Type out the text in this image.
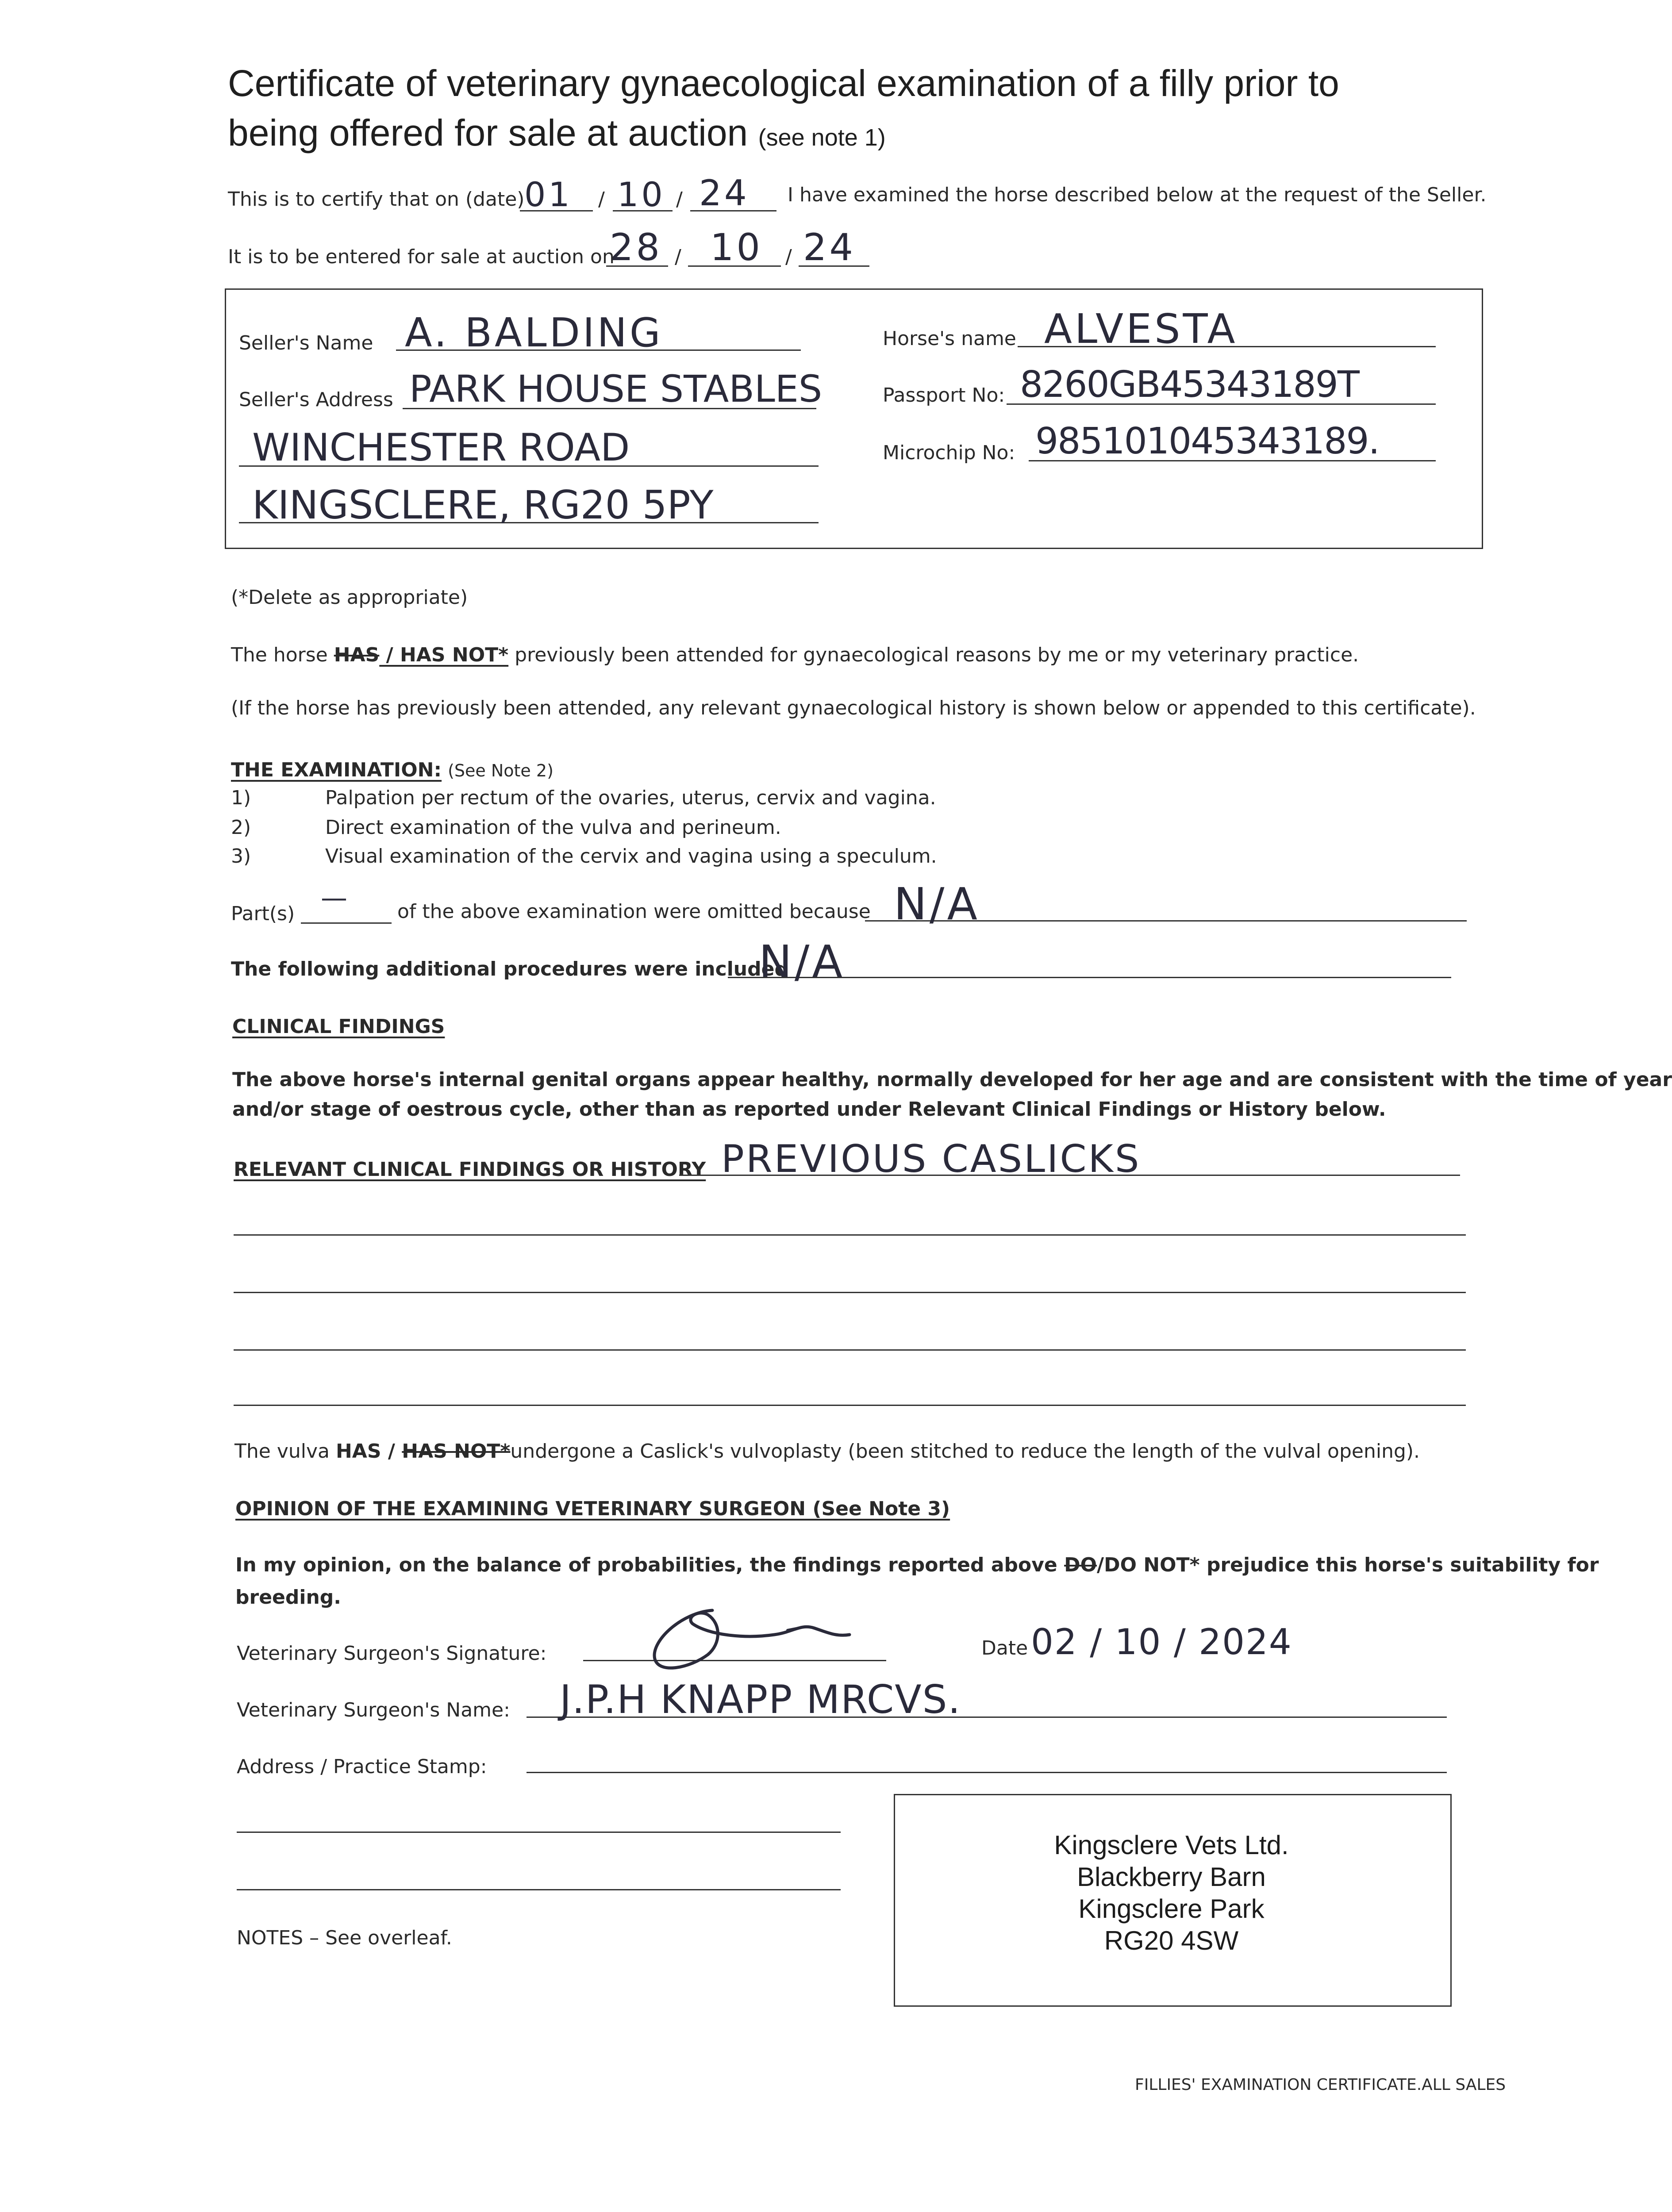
Certificate of veterinary gynaecological examination of a filly prior to
being offered for sale at auction (see note 1)
This is to certify that on (date) 01 / 10 / 24 I have examined the horse described below at the request of the Seller.
It is to be entered for sale at auction on
28 / 10 / 24
Seller's Name A. BALDING
Seller's Address PARK HOUSE STABLES
WINCHESTER ROAD
KINGSCLERE, RG20 5PY
Horse's name ALVESTA
Passport No: 8260GB45343189T
Microchip No: 985101045343189.
(*Delete as appropriate)
The horse HAS / HAS NOT* previously been attended for gynaecological reasons by me or my veterinary practice.
(If the horse has previously been attended, any relevant gynaecological history is shown below or appended to this certificate).
THE EXAMINATION: (See Note 2)
1)	Palpation per rectum of the ovaries, uterus, cervix and vagina.
2)	Direct examination of the vulva and perineum.
3)	Visual examination of the cervix and vagina using a speculum.
Part(s)
— of the above examination were omitted because N/A
The following additional procedures were included
N/A
CLINICAL FINDINGS
The above horse's internal genital organs appear healthy, normally developed for her age and are consistent with the time of year
and/or stage of oestrous cycle, other than as reported under Relevant Clinical Findings or History below.
RELEVANT CLINICAL FINDINGS OR HISTORY PREVIOUS CASLICKS
The vulva HAS / HAS NOT*undergone a Caslick's vulvoplasty (been stitched to reduce the length of the vulval opening).
OPINION OF THE EXAMINING VETERINARY SURGEON (See Note 3)
In my opinion, on the balance of probabilities, the findings reported above DO/DO NOT* prejudice this horse's suitability for
breeding.
Veterinary Surgeon's Signature:	Date 02 / 10 / 2024
Veterinary Surgeon's Name: J.P.H KNAPP MRCVS.
Address / Practice Stamp:
Kingsclere Vets Ltd.
Blackberry Barn
Kingsclere Park
RG20 4SW
NOTES – See overleaf.
FILLIES' EXAMINATION CERTIFICATE.ALL SALES
